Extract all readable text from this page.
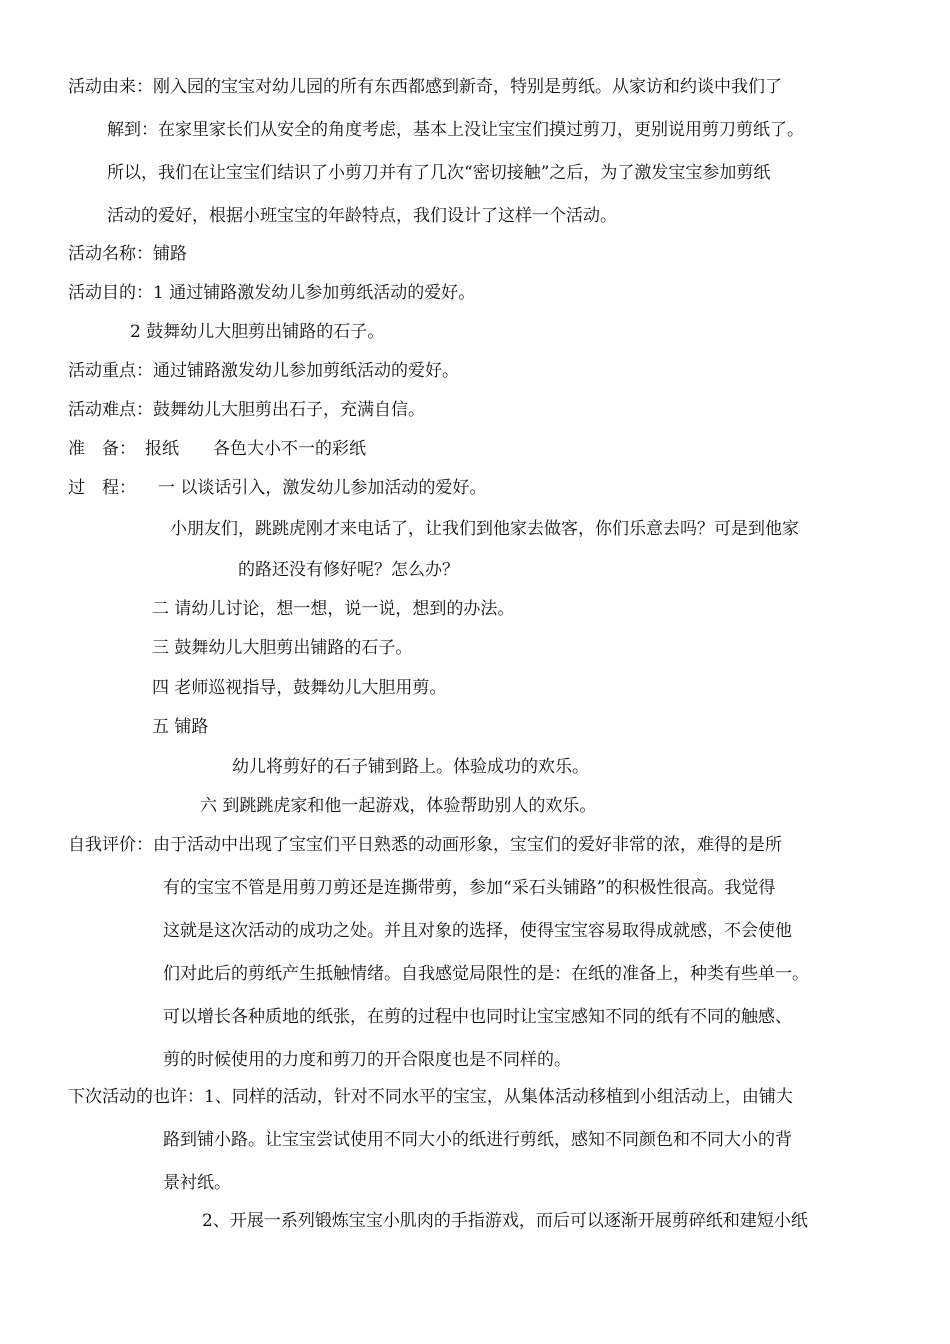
活动由来：刚入园的宝宝对幼儿园的所有东西都感到新奇，特别是剪纸。从家访和约谈中我们了
解到：在家里家长们从安全的角度考虑，基本上没让宝宝们摸过剪刀，更别说用剪刀剪纸了。
所以，我们在让宝宝们结识了小剪刀并有了几次“密切接触”之后，为了激发宝宝参加剪纸
活动的爱好，根据小班宝宝的年龄特点，我们设计了这样一个活动。
活动名称：铺路
活动目的：1 通过铺路激发幼儿参加剪纸活动的爱好。
2 鼓舞幼儿大胆剪出铺路的石子。
活动重点：通过铺路激发幼儿参加剪纸活动的爱好。
活动难点：鼓舞幼儿大胆剪出石子，充满自信。
准　备： 报纸　　各色大小不一的彩纸
过　程： 一 以谈话引入，激发幼儿参加活动的爱好。
小朋友们，跳跳虎刚才来电话了，让我们到他家去做客，你们乐意去吗？可是到他家
的路还没有修好呢？怎么办？
二 请幼儿讨论，想一想，说一说，想到的办法。
三 鼓舞幼儿大胆剪出铺路的石子。
四 老师巡视指导，鼓舞幼儿大胆用剪。
五 铺路
幼儿将剪好的石子铺到路上。体验成功的欢乐。
六 到跳跳虎家和他一起游戏，体验帮助别人的欢乐。
自我评价：由于活动中出现了宝宝们平日熟悉的动画形象，宝宝们的爱好非常的浓，难得的是所
有的宝宝不管是用剪刀剪还是连撕带剪，参加“采石头铺路”的积极性很高。我觉得
这就是这次活动的成功之处。并且对象的选择，使得宝宝容易取得成就感，不会使他
们对此后的剪纸产生抵触情绪。自我感觉局限性的是：在纸的准备上，种类有些单一。
可以增长各种质地的纸张，在剪的过程中也同时让宝宝感知不同的纸有不同的触感、
剪的时候使用的力度和剪刀的开合限度也是不同样的。
下次活动的也许：1、同样的活动，针对不同水平的宝宝，从集体活动移植到小组活动上，由铺大
路到铺小路。让宝宝尝试使用不同大小的纸进行剪纸，感知不同颜色和不同大小的背
景衬纸。
2、开展一系列锻炼宝宝小肌肉的手指游戏，而后可以逐渐开展剪碎纸和建短小纸
